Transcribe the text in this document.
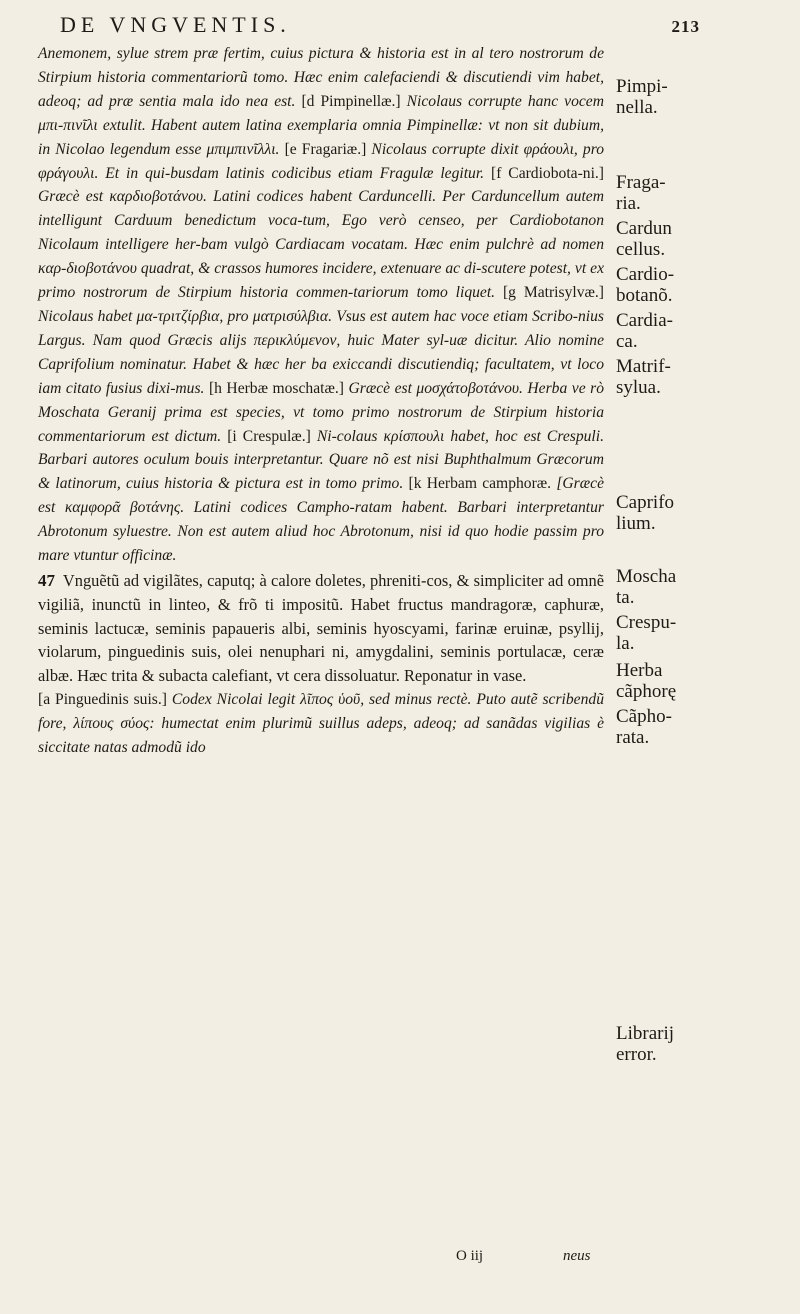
DE VNGVENTIS.	213

Anemonem, sylue strem præ fertim, cuius pictura & historia est in al tero nostrorum de Stirpium historia commentariorũ tomo. Hæc enim calefaciendi & discutiendi vim habet, adeoq; ad præ sentia mala ido nea est. [d Pimpinellæ.] Nicolaus corrupte hanc vocem μπι-πινῖλι extulit. Habent autem latina exemplaria omnia Pimpinellæ: vt non sit dubium, in Nicolao legendum esse μπιμπινῖλλι. [e Fragariæ.] Nicolaus corrupte dixit φράουλι, pro φράγουλι. Et in qui-busdam latinis codicibus etiam Fragulæ legitur. [f Cardiobota-ni.] Græcè est καρδιοβοτάνου. Latini codices habent Carduncelli. Per Carduncellum autem intelligunt Carduum benedictum voca-tum, Ego verò censeo, per Cardiobotanon Nicolaum intelligere her-bam vulgò Cardiacam vocatam. Hæc enim pulchrè ad nomen καρ-διοβοτάνου quadrat, & crassos humores incidere, extenuare ac di-scutere potest, vt ex primo nostrorum de Stirpium historia commen-tariorum tomo liquet. [g Matrisylvæ.] Nicolaus habet μα-τριτζίρβια, pro ματρισύλβια. Vsus est autem hac voce etiam Scribo-nius Largus. Nam quod Græcis alijs περικλύμενον, huic Mater syl-uæ dicitur. Alio nomine Caprifolium nominatur. Habet & hæc her ba exiccandi discutiendiq; facultatem, vt loco iam citato fusius dixi-mus. [h Herbæ moschatæ.] Græcè est μοσχάτοβοτάνου. Herba ve rò Moschata Geranij prima est species, vt tomo primo nostrorum de Stirpium historia commentariorum est dictum. [i Crespulæ.] Ni-colaus κρίσπουλι habet, hoc est Crespuli. Barbari autores oculum bouis interpretantur. Quare nõ est nisi Buphthalmum Græcorum & latinorum, cuius historia & pictura est in tomo primo. [k Herbam camphoræ. [Græcè est καμφορᾶ βοτάνης. Latini codices Campho-ratam habent. Barbari interpretantur Abrotonum syluestre. Non est autem aliud hoc Abrotonum, nisi id quo hodie passim pro mare vtuntur officinæ.

47 Vnguẽtũ ad vigilãtes, caputq; à calore doletes, phreniti-cos, & simpliciter ad omnẽ vigiliã, inunctũ in linteo, & frõ ti impositũ. Habet fructus mandragoræ, caphuræ, seminis lactucæ, seminis papaueris albi, seminis hyoscyami, farinæ eruinæ, psyllij, violarum, pinguedinis suis, olei nenuphari ni, amygdalini, seminis portulacæ, ceræ albæ. Hæc trita & subacta calefiant, vt cera dissoluatur. Reponatur in vase.

[a Pinguedinis suis.] Codex Nicolai legit λῖπος ὑοῦ, sed minus rectè. Puto autẽ scribendũ fore, λίπους σύος: humectat enim plurimũ suillus adeps, adeoq; ad sanãdas vigilias è siccitate natas admodũ ido

Pimpi-
nella.
Fraga-
ria.
Cardun
cellus.
Cardio-
botanõ.
Cardia-
ca.
Matrif-
sylua.
Caprifo
lium.
Moscha
ta.
Crespu-
la.
Herba
cãphorę
Cãpho-
rata.
Librarij
error.
O iij	neus
